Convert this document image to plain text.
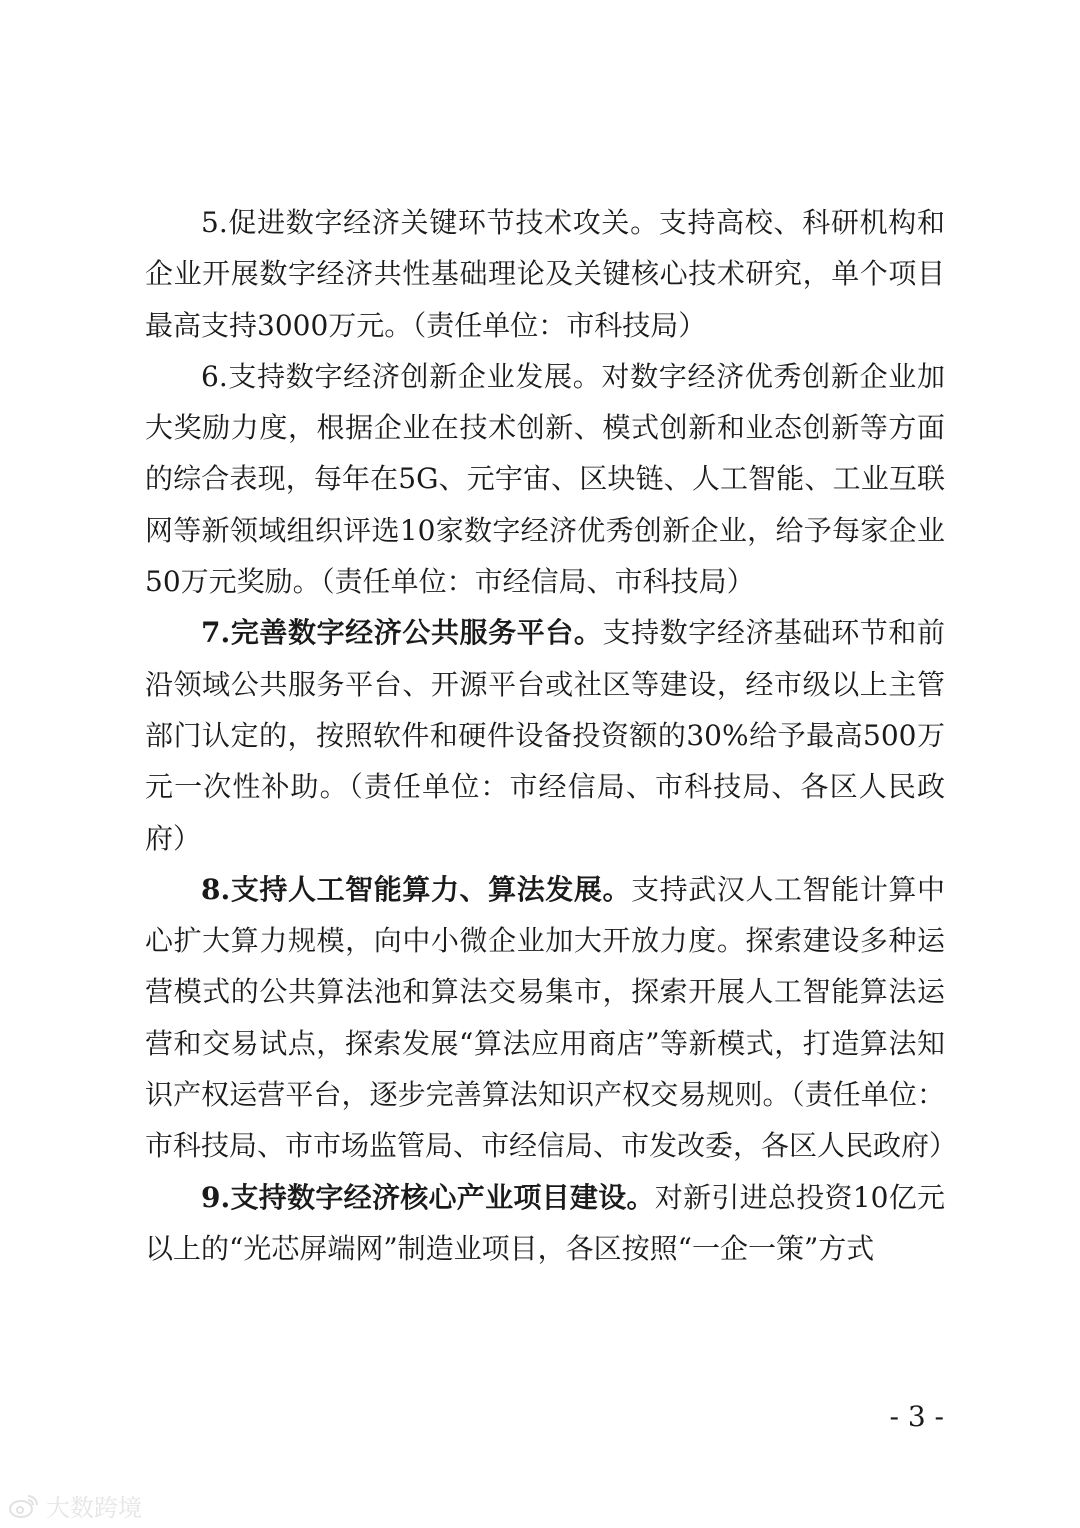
5.促进数字经济关键环节技术攻关。支持高校、科研机构和企业开展数字经济共性基础理论及关键核心技术研究，单个项目最高支持3000万元。（责任单位：市科技局）

6.支持数字经济创新企业发展。对数字经济优秀创新企业加大奖励力度，根据企业在技术创新、模式创新和业态创新等方面的综合表现，每年在5G、元宇宙、区块链、人工智能、工业互联网等新领域组织评选10家数字经济优秀创新企业，给予每家企业50万元奖励。（责任单位：市经信局、市科技局）

7.完善数字经济公共服务平台。支持数字经济基础环节和前沿领域公共服务平台、开源平台或社区等建设，经市级以上主管部门认定的，按照软件和硬件设备投资额的30%给予最高500万元一次性补助。（责任单位：市经信局、市科技局、各区人民政府）

8.支持人工智能算力、算法发展。支持武汉人工智能计算中心扩大算力规模，向中小微企业加大开放力度。探索建设多种运营模式的公共算法池和算法交易集市，探索开展人工智能算法运营和交易试点，探索发展“算法应用商店”等新模式，打造算法知识产权运营平台，逐步完善算法知识产权交易规则。（责任单位：市科技局、市市场监管局、市经信局、市发改委，各区人民政府）

9.支持数字经济核心产业项目建设。对新引进总投资10亿元以上的“光芯屏端网”制造业项目，各区按照“一企一策”方式

- 3 -
大数跨境
